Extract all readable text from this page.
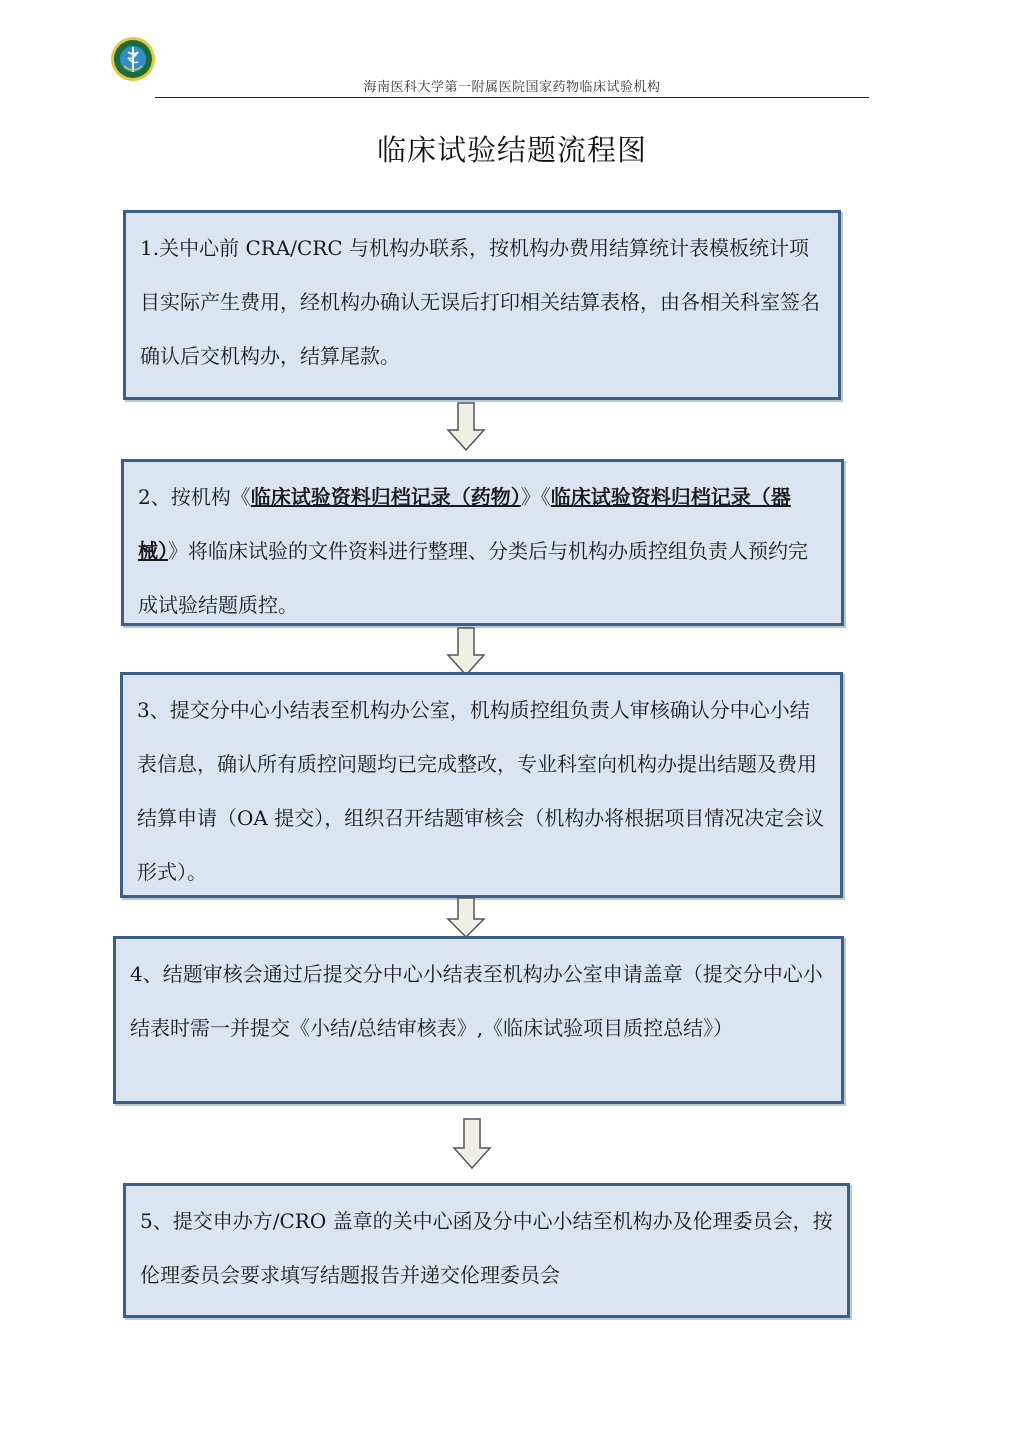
海南医科大学第一附属医院国家药物临床试验机构
临床试验结题流程图
1.关中心前 CRA/CRC 与机构办联系，按机构办费用结算统计表模板统计项目实际产生费用，经机构办确认无误后打印相关结算表格，由各相关科室签名确认后交机构办，结算尾款。
2、按机构《临床试验资料归档记录（药物）》《临床试验资料归档记录（器械）》将临床试验的文件资料进行整理、分类后与机构办质控组负责人预约完成试验结题质控。
3、提交分中心小结表至机构办公室，机构质控组负责人审核确认分中心小结表信息，确认所有质控问题均已完成整改，专业科室向机构办提出结题及费用结算申请（OA 提交），组织召开结题审核会（机构办将根据项目情况决定会议形式）。
4、结题审核会通过后提交分中心小结表至机构办公室申请盖章（提交分中心小结表时需一并提交《小结/总结审核表》,《临床试验项目质控总结》）
5、提交申办方/CRO 盖章的关中心函及分中心小结至机构办及伦理委员会，按伦理委员会要求填写结题报告并递交伦理委员会
